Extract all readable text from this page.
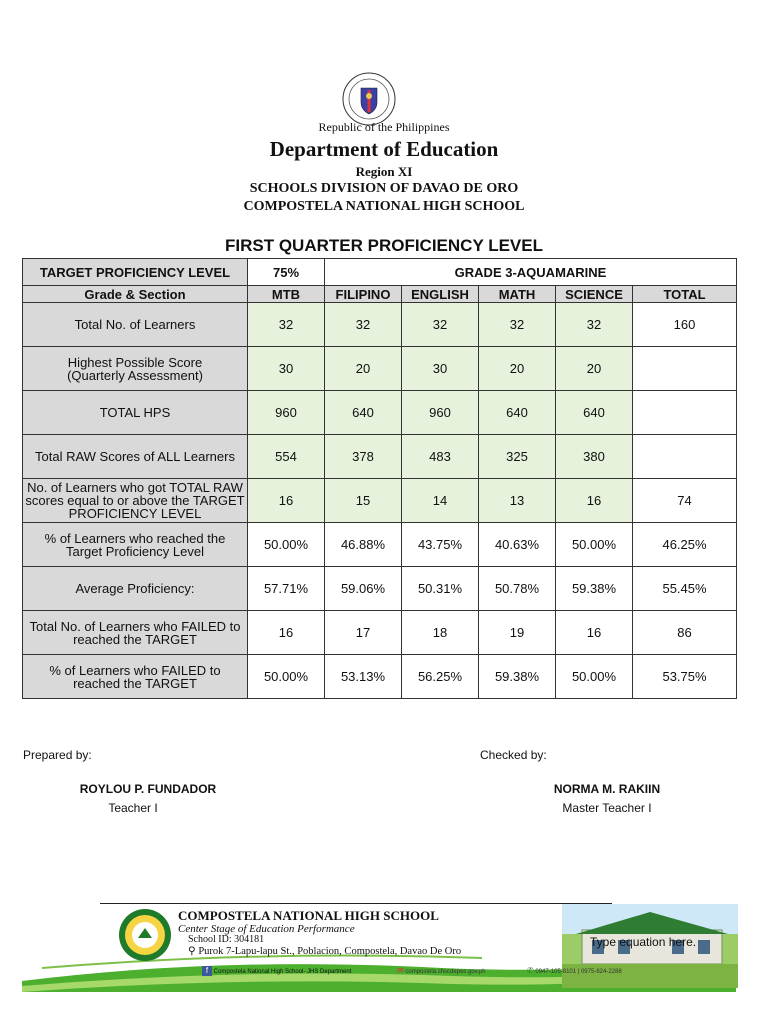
Republic of the Philippines
Department of Education
Region XI
SCHOOLS DIVISION OF DAVAO DE ORO
COMPOSTELA NATIONAL HIGH SCHOOL
FIRST QUARTER PROFICIENCY LEVEL
TARGET PROFICIENCY LEVEL	75%	GRADE 3-AQUAMARINE				
Grade & Section	MTB	FILIPINO	ENGLISH	MATH	SCIENCE	TOTAL
Total No. of Learners	32	32	32	32	32	160
Highest Possible Score
(Quarterly Assessment)	30	20	30	20	20	
TOTAL HPS	960	640	960	640	640	
Total RAW Scores of ALL Learners	554	378	483	325	380	
No. of Learners who got TOTAL RAW scores equal to or above the TARGET PROFICIENCY LEVEL	16	15	14	13	16	74
% of Learners who reached the Target Proficiency Level	50.00%	46.88%	43.75%	40.63%	50.00%	46.25%
Average Proficiency:	57.71%	59.06%	50.31%	50.78%	59.38%	55.45%
Total No. of Learners who FAILED to reached the TARGET	16	17	18	19	16	86
% of Learners who FAILED to reached the TARGET	50.00%	53.13%	56.25%	59.38%	50.00%	53.75%
Prepared by:	Checked by:
ROYLOU P. FUNDADOR
Teacher I
NORMA M. RAKIIN
Master Teacher I
COMPOSTELA NATIONAL HIGH SCHOOL
Center Stage of Education Performance
School ID: 304181
⚲ Purok 7-Lapu-lapu St., Poblacion, Compostela, Davao De Oro
Type equation here.
f Compostela National High School- JHS Department	✉ compostela.shscdepes.gov.ph	✆ 0947-105-8101 | 0975-824-2288
